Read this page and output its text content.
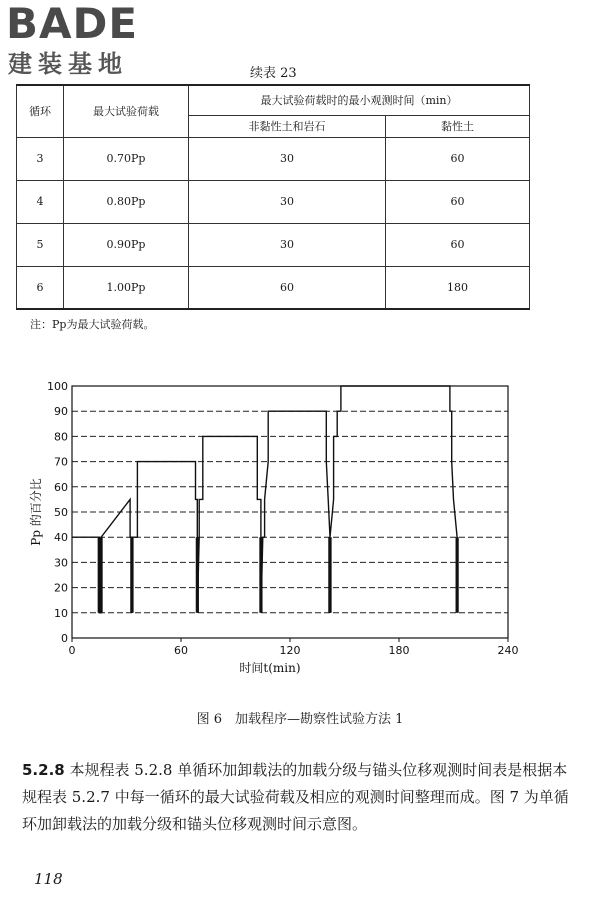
BADE
建装基地	续表 23
循环	最大试验荷载	最大试验荷载时的最小观测时间（min）	
		非黏性土和岩石	黏性土
3	0.70Pp	30	60
4	0.80Pp	30	60
5	0.90Pp	30	60
6	1.00Pp	60	180
注：Pp为最大试验荷载。
0
10
20
30
40
50
60
70
80
90
100
0	60	120	180	240
Pp 的百分比
时间t(min)
图 6　加载程序—勘察性试验方法 1
5.2.8 本规程表 5.2.8 单循环加卸载法的加载分级与锚头位移观测时间表是根据本规程表 5.2.7 中每一循环的最大试验荷载及相应的观测时间整理而成。图 7 为单循环加卸载法的加载分级和锚头位移观测时间示意图。
118
